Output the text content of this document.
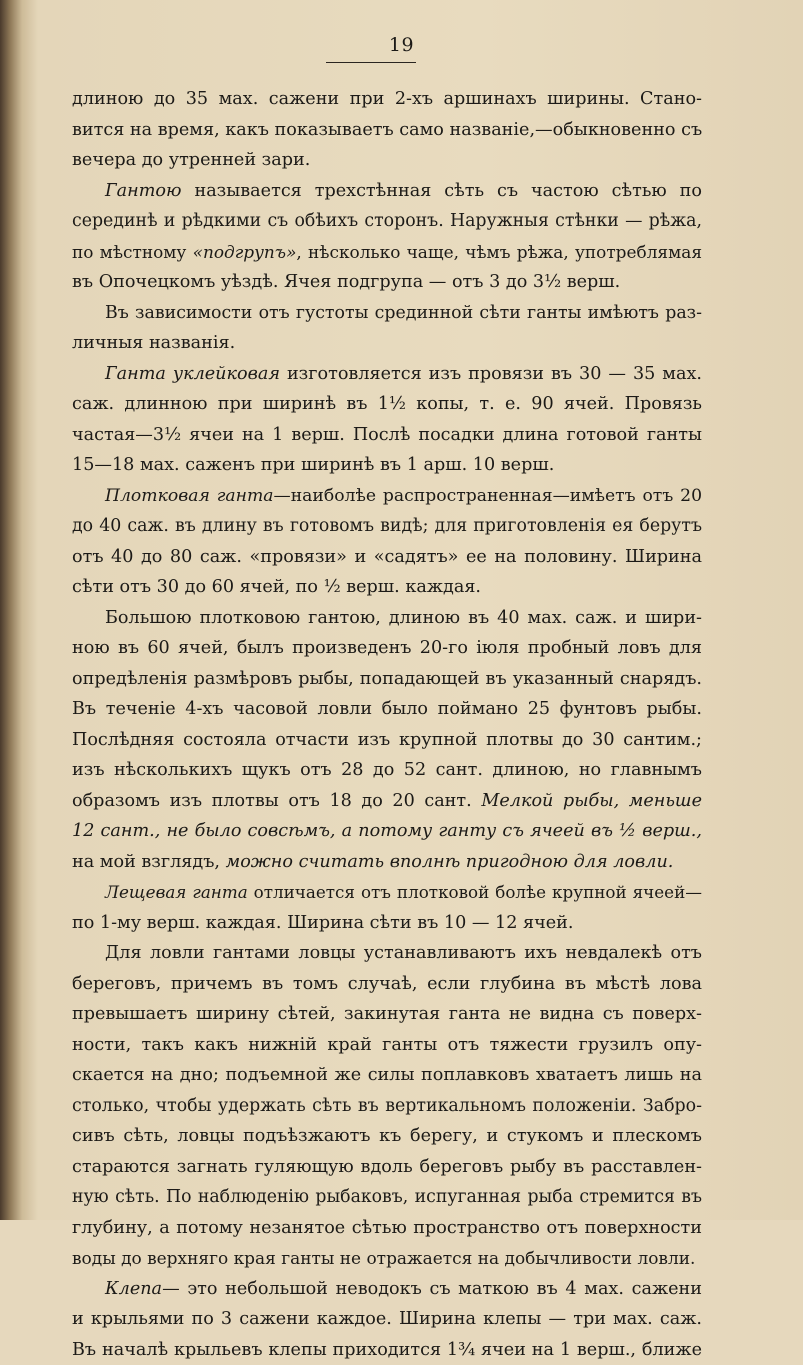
19
длиною до 35 мах. сажени при 2-хъ аршинахъ ширины. Стано-
вится на время, какъ показываетъ само названіе,—обыкновенно съ
вечера до утренней зари.
Гантою называется трехстѣнная сѣть съ частою сѣтью по
серединѣ и рѣдкими съ обѣихъ сторонъ. Наружныя стѣнки — рѣжа,
по мѣстному «подгрупъ», нѣсколько чаще, чѣмъ рѣжа, употреблямая
въ Опочецкомъ уѣздѣ. Ячея подгрупа — отъ 3 до 3½ верш.
Въ зависимости отъ густоты срединной сѣти ганты имѣютъ раз-
личныя названія.
Ганта уклейковая изготовляется изъ провязи въ 30 — 35 мах.
саж. длинною при ширинѣ въ 1½ копы, т. е. 90 ячей. Провязь
частая—3½ ячеи на 1 верш. Послѣ посадки длина готовой ганты
15—18 мах. саженъ при ширинѣ въ 1 арш. 10 верш.
Плотковая ганта—наиболѣе распространенная—имѣетъ отъ 20
до 40 саж. въ длину въ готовомъ видѣ; для приготовленія ея берутъ
отъ 40 до 80 саж. «провязи» и «садятъ» ее на половину. Ширина
сѣти отъ 30 до 60 ячей, по ½ верш. каждая.
Большою плотковою гантою, длиною въ 40 мах. саж. и шири-
ною въ 60 ячей, былъ произведенъ 20-го іюля пробный ловъ для
опредѣленія размѣровъ рыбы, попадающей въ указанный снарядъ.
Въ теченіе 4-хъ часовой ловли было поймано 25 фунтовъ рыбы.
Послѣдняя состояла отчасти изъ крупной плотвы до 30 сантим.;
изъ нѣсколькихъ щукъ отъ 28 до 52 сант. длиною, но главнымъ
образомъ изъ плотвы отъ 18 до 20 сант. Мелкой рыбы, меньше
12 сант., не было совсѣмъ, а потому ганту съ ячеей въ ½ верш.,
на мой взглядъ, можно считать вполнѣ пригодною для ловли.
Лещевая ганта отличается отъ плотковой болѣе крупной ячеей—
по 1-му верш. каждая. Ширина сѣти въ 10 — 12 ячей.
Для ловли гантами ловцы устанавливаютъ ихъ невдалекѣ отъ
береговъ, причемъ въ томъ случаѣ, если глубина въ мѣстѣ лова
превышаетъ ширину сѣтей, закинутая ганта не видна съ поверх-
ности, такъ какъ нижній край ганты отъ тяжести грузилъ опу-
скается на дно; подъемной же силы поплавковъ хватаетъ лишь на
столько, чтобы удержать сѣть въ вертикальномъ положеніи. Забро-
сивъ сѣть, ловцы подъѣзжаютъ къ берегу, и стукомъ и плескомъ
стараются загнать гуляющую вдоль береговъ рыбу въ расставлен-
ную сѣть. По наблюденію рыбаковъ, испуганная рыба стремится въ
глубину, а потому незанятое сѣтью пространство отъ поверхности
воды до верхняго края ганты не отражается на добычливости ловли.
Клепа— это небольшой неводокъ съ маткою въ 4 мах. сажени
и крыльями по 3 сажени каждое. Ширина клепы — три мах. саж.
Въ началѣ крыльевъ клепы приходится 1¾ ячеи на 1 верш., ближе
